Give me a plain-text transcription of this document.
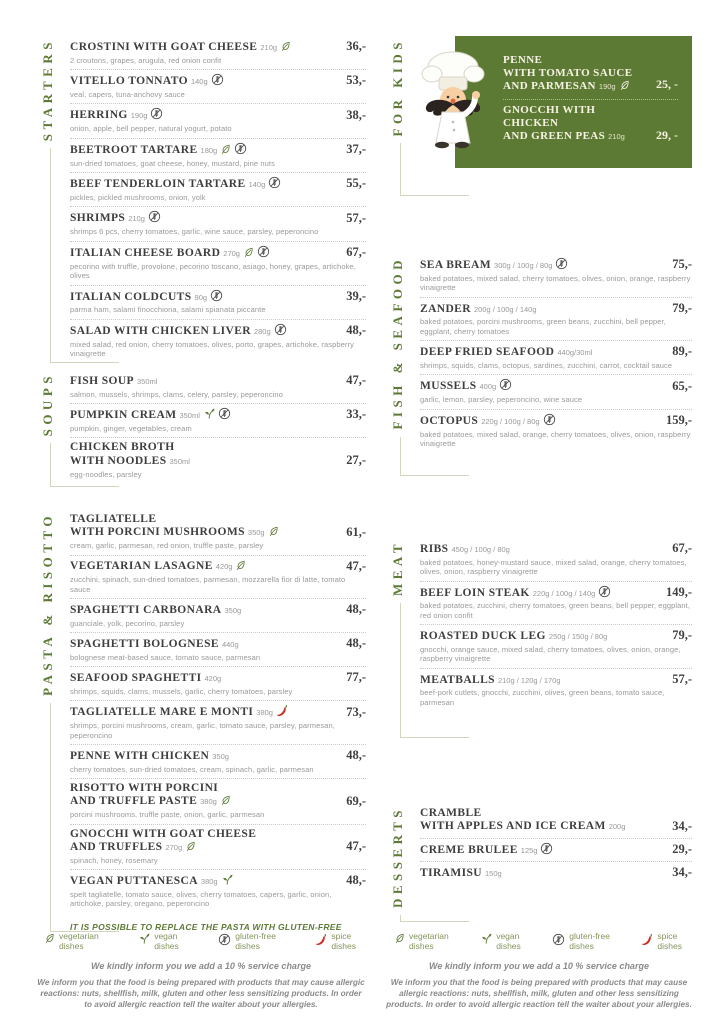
STARTERS CROSTINI WITH GOAT CHEESE 210g	36,-
2 croutons, grapes, arugula, red onion confit
VITELLO TONNATO 140g	53,-
veal, capers, tuna-anchovy sauce
HERRING 190g	38,-
onion, apple, bell pepper, natural yogurt, potato
BEETROOT TARTARE 180g	37,-
sun-dried tomatoes, goat cheese, honey, mustard, pine nuts
BEEF TENDERLOIN TARTARE 140g	55,-
pickles, pickled mushrooms, onion, yolk
SHRIMPS 210g	57,-
shrimps 6 pcs, cherry tomatoes, garlic, wine sauce, parsley, peperoncino
ITALIAN CHEESE BOARD 270g	67,-
pecorino with truffle, provolone, pecorino toscano, asiago, honey, grapes, artichoke, olives
ITALIAN COLDCUTS 90g	39,-
parma ham, salami finocchiona, salami spianata piccante
SALAD WITH CHICKEN LIVER 280g	48,-
mixed salad, red onion, cherry tomatoes, olives, porto, grapes, artichoke, raspberry vinaigrette
SOUPS FISH SOUP 350ml	47,-
salmon, mussels, shrimps, clams, celery, parsley, peperoncino
PUMPKIN CREAM 350ml	33,-
pumpkin, ginger, vegetables, cream
CHICKEN BROTH
WITH NOODLES 350ml	27,-
egg-noodles, parsley
PASTA & RISOTTO TAGLIATELLE
WITH PORCINI MUSHROOMS 350g	61,-
cream, garlic, parmesan, red onion, truffle paste, parsley
VEGETARIAN LASAGNE 420g	47,-
zucchini, spinach, sun-dried tomatoes, parmesan, mozzarella fior di latte, tomato sauce
SPAGHETTI CARBONARA 350g	48,-
guanciale, yolk, pecorino, parsley
SPAGHETTI BOLOGNESE 440g	48,-
bolognese meat-based sauce, tomato sauce, parmesan
SEAFOOD SPAGHETTI 420g	77,-
shrimps, squids, clams, mussels, garlic, cherry tomatoes, parsley
TAGLIATELLE MARE E MONTI 380g	73,-
shrimps, porcini mushrooms, cream, garlic, tomato sauce, parsley, parmesan, peperoncino
PENNE WITH CHICKEN 350g	48,-
cherry tomatoes, sun-dried tomatoes, cream, spinach, garlic, parmesan
RISOTTO WITH PORCINI
AND TRUFFLE PASTE 380g	69,-
porcini mushrooms, truffle paste, onion, garlic, parmesan
GNOCCHI WITH GOAT CHEESE
AND TRUFFLES 270g	47,-
spinach, honey, rosemary
VEGAN PUTTANESCA 380g	48,-
spelt tagliatelle, tomato sauce, olives, cherry tomatoes, capers, garlic, onion, artichoke, parsley, oregano, peperoncino
IT IS POSSIBLE TO REPLACE THE PASTA WITH GLUTEN-FREE
vegetarian
dishes
vegan
dishes
gluten-free
dishes
spice
dishes
We kindly inform you we add a 10 % service charge
We inform you that the food is being prepared with products that may cause allergic reactions: nuts, shellfish, milk, gluten and other less sensitizing products. In order to avoid allergic reaction tell the waiter about your allergies.
FOR KIDS	PENNE
WITH TOMATO SAUCE
AND PARMESAN 190g	25, -
GNOCCHI WITH CHICKEN
AND GREEN PEAS 210g	29, -
FISH & SEAFOOD SEA BREAM 300g / 100g / 80g	75,-
baked potatoes, mixed salad, cherry tomatoes, olives, onion, orange, raspberry vinaigrette
ZANDER 200g / 100g / 140g	79,-
baked potatoes, porcini mushrooms, green beans, zucchini, bell pepper, eggplant, cherry tomatoes
DEEP FRIED SEAFOOD 440g/30ml	89,-
shrimps, squids, clams, octopus, sardines, zucchini, carrot, cocktail sauce
MUSSELS 400g	65,-
garlic, lemon, parsley, peperoncino, wine sauce
OCTOPUS 220g / 100g / 80g	159,-
baked potatoes, mixed salad, orange, cherry tomatoes, olives, onion, raspberry vinaigrette
MEAT RIBS 450g / 100g / 80g	67,-
baked potatoes, honey-mustard sauce, mixed salad, orange, cherry tomatoes, olives, onion, raspberry vinaigrette
BEEF LOIN STEAK 220g / 100g / 140g	149,-
baked potatoes, zucchini, cherry tomatoes, green beans, bell pepper, eggplant, red onion confit
ROASTED DUCK LEG 250g / 150g / 80g	79,-
gnocchi, orange sauce, mixed salad, cherry tomatoes, olives, onion, orange, raspberry vinaigrette
MEATBALLS 210g / 120g / 170g	57,-
beef-pork cutlets, gnocchi, zucchini, olives, green beans, tomato sauce, parmesan
DESSERTS CRAMBLE
WITH APPLES AND ICE CREAM 200g	34,-
CREME BRULEE 125g	29,-
TIRAMISU 150g	34,-
vegetarian
dishes
vegan
dishes
gluten-free
dishes
spice
dishes
We kindly inform you we add a 10 % service charge
We inform you that the food is being prepared with products that may cause allergic reactions: nuts, shellfish, milk, gluten and other less sensitizing products. In order to avoid allergic reaction tell the waiter about your allergies.
